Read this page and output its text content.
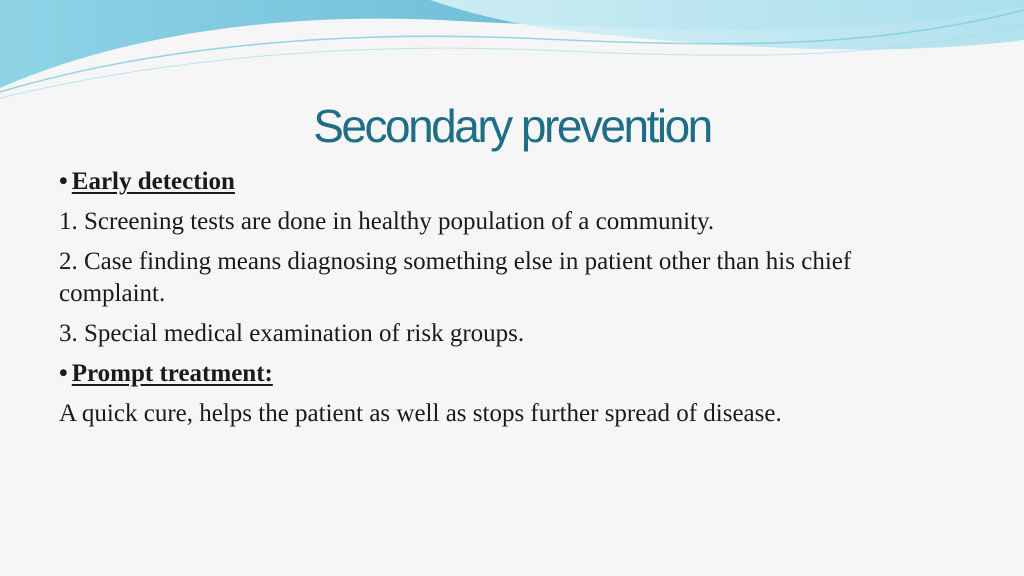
Secondary prevention
• Early detection
1. Screening tests are done in healthy population of a community.
2. Case finding means diagnosing something else in patient other than his chief complaint.
3. Special medical examination of risk groups.
• Prompt treatment:
A quick cure, helps the patient as well as stops further spread of disease.
